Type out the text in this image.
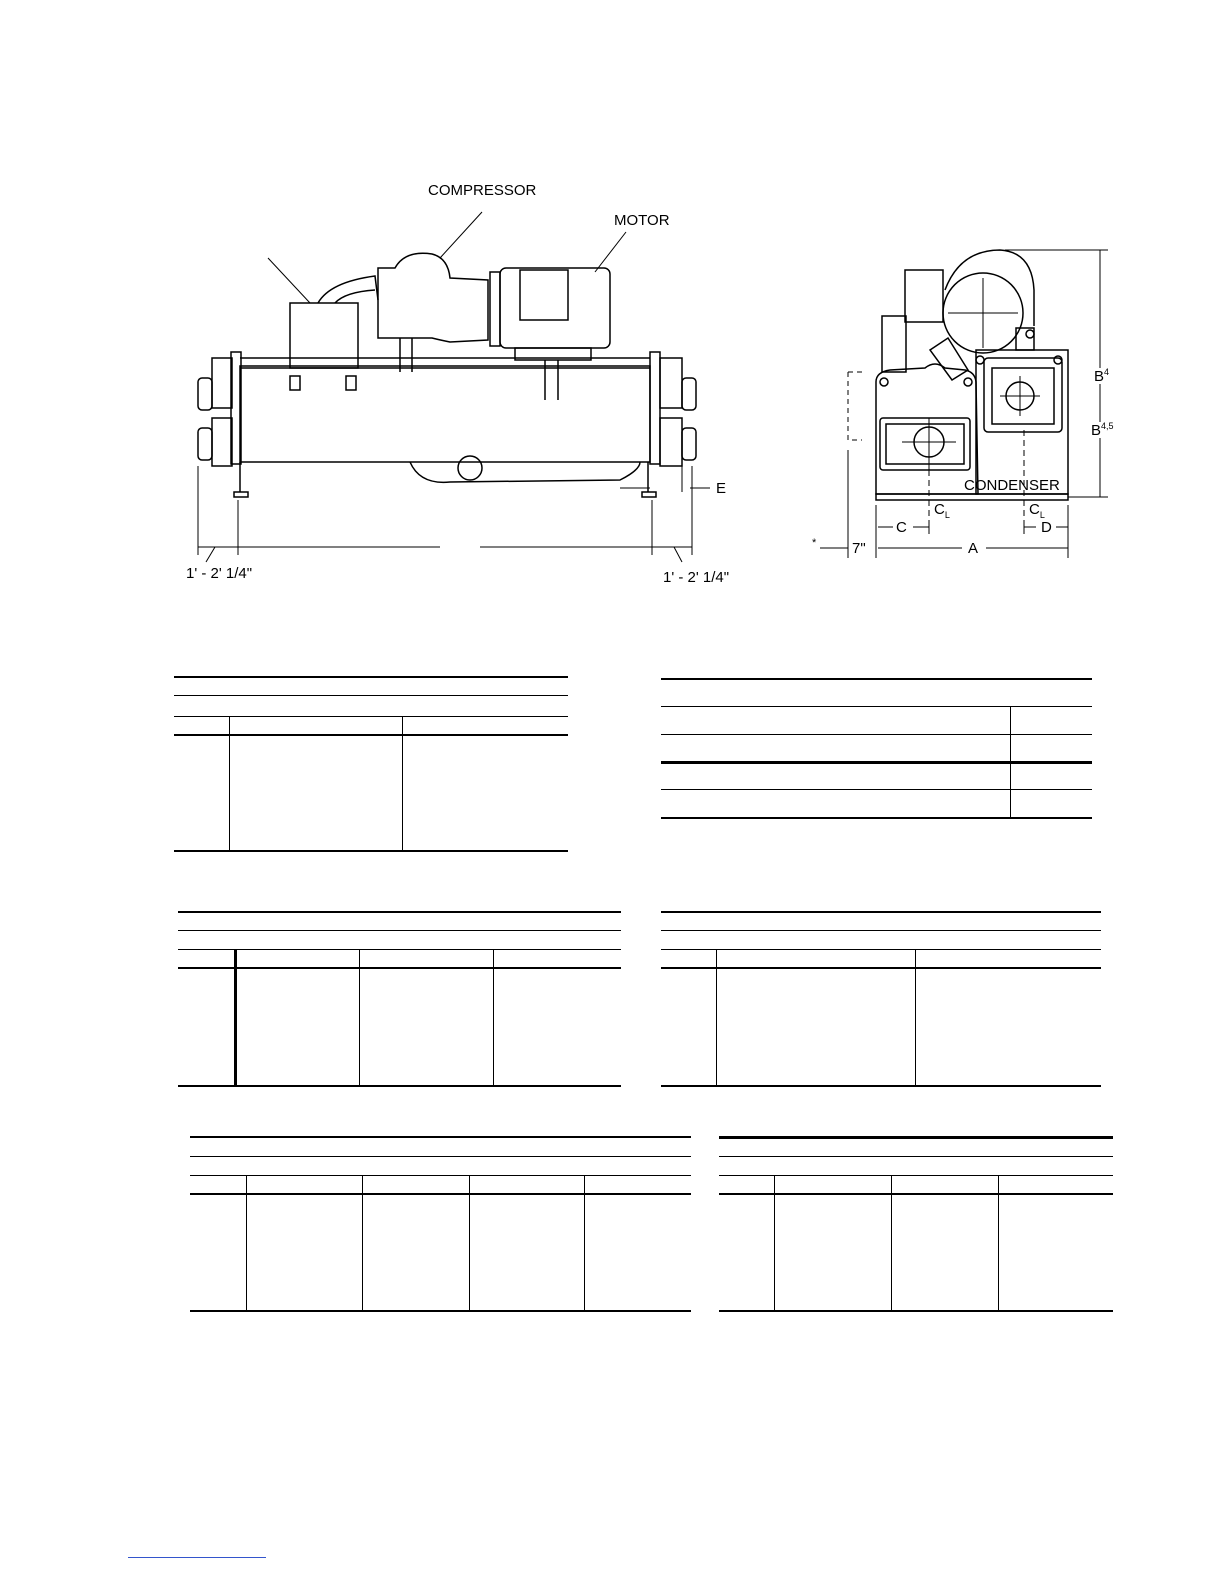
COMPRESSOR
MOTOR
E
1' - 2' 1/4"	1' - 2' 1/4"
$B^4$
B$^{4,5}$
CONDENSER
$C_L$	$C_L$
C	D
A
7"
*
